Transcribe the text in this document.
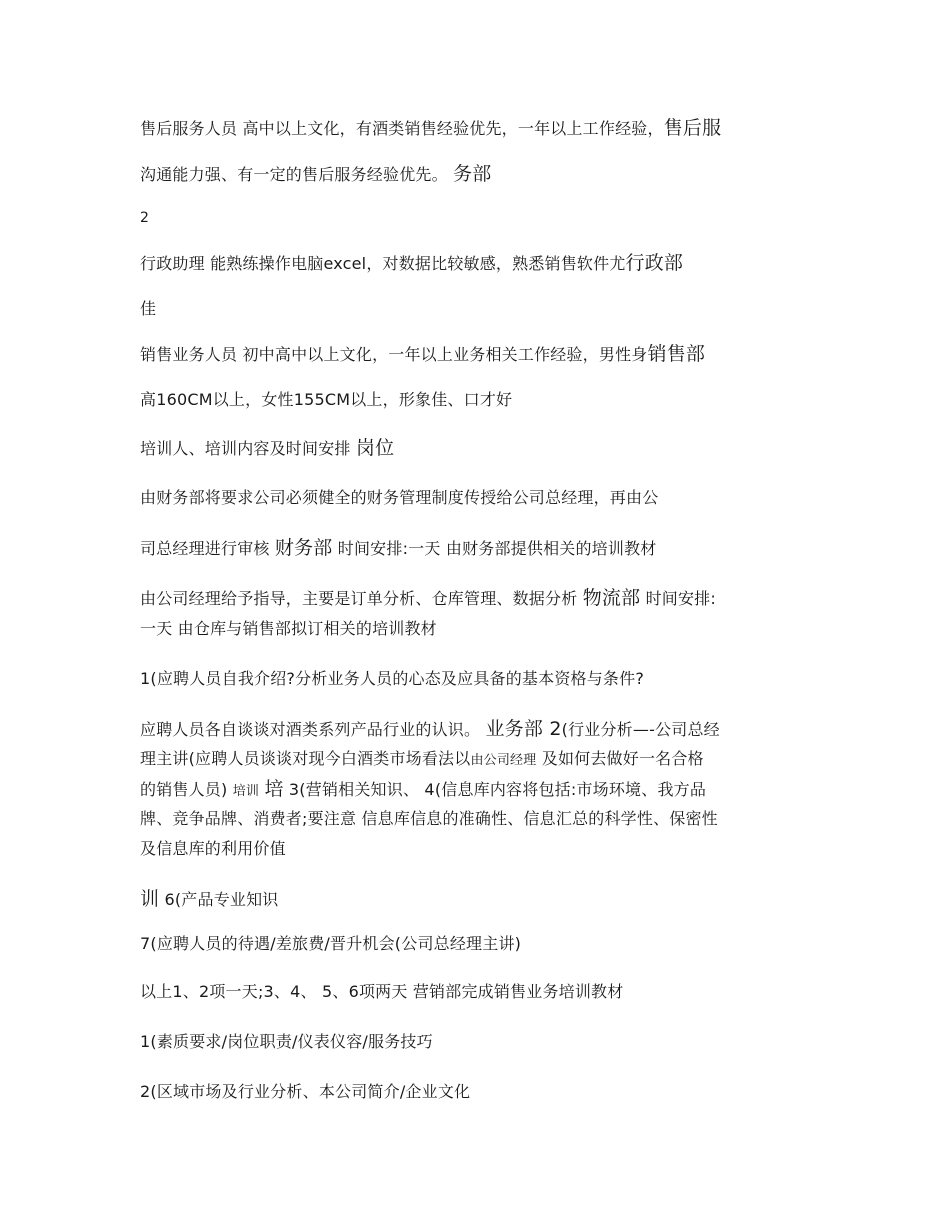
售后服务人员 高中以上文化，有酒类销售经验优先，一年以上工作经验，售后服
沟通能力强、有一定的售后服务经验优先。 务部
2
行政助理 能熟练操作电脑excel，对数据比较敏感，熟悉销售软件尤行政部
佳
销售业务人员 初中高中以上文化，一年以上业务相关工作经验，男性身销售部
高160CM以上，女性155CM以上，形象佳、口才好
培训人、培训内容及时间安排 岗位
由财务部将要求公司必须健全的财务管理制度传授给公司总经理，再由公
司总经理进行审核 财务部 时间安排:一天 由财务部提供相关的培训教材
由公司经理给予指导，主要是订单分析、仓库管理、数据分析 物流部 时间安排:
一天 由仓库与销售部拟订相关的培训教材
1(应聘人员自我介绍?分析业务人员的心态及应具备的基本资格与条件?
应聘人员各自谈谈对酒类系列产品行业的认识。 业务部 2(行业分析—-公司总经
理主讲(应聘人员谈谈对现今白酒类市场看法以由公司经理 及如何去做好一名合格
的销售人员) 培训 培 3(营销相关知识、 4(信息库内容将包括:市场环境、我方品
牌、竞争品牌、消费者;要注意 信息库信息的准确性、信息汇总的科学性、保密性
及信息库的利用价值
训 6(产品专业知识
7(应聘人员的待遇/差旅费/晋升机会(公司总经理主讲)
以上1、2项一天;3、4、 5、6项两天 营销部完成销售业务培训教材
1(素质要求/岗位职责/仪表仪容/服务技巧
2(区域市场及行业分析、本公司简介/企业文化
